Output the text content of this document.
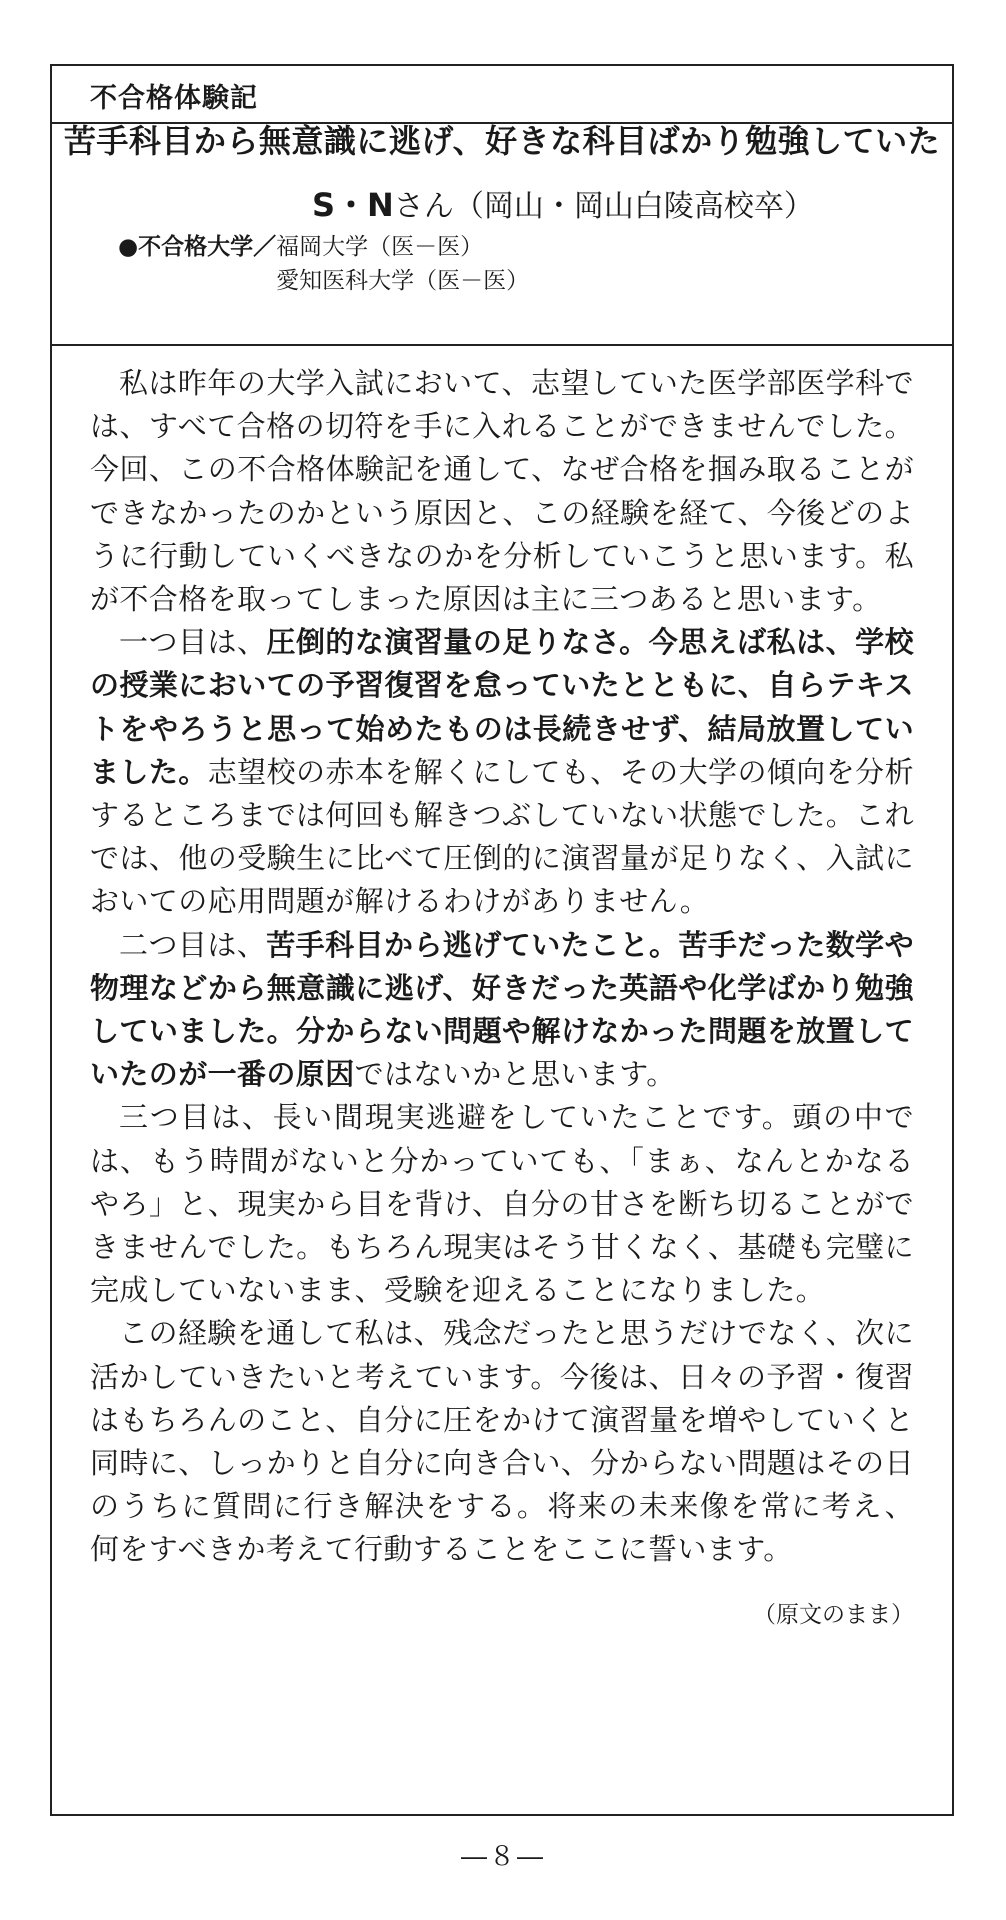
不合格体験記
苦手科目から無意識に逃げ、好きな科目ばかり勉強していた
S・Nさん（岡山・岡山白陵高校卒）
●不合格大学／ 福岡大学（医－医）
愛知医科大学（医－医）

私は昨年の大学入試において、志望していた医学部医学科では、すべて合格の切符を手に入れることができませんでした。今回、この不合格体験記を通して、なぜ合格を掴み取ることができなかったのかという原因と、この経験を経て、今後どのように行動していくべきなのかを分析していこうと思います。私が不合格を取ってしまった原因は主に三つあると思います。

一つ目は、圧倒的な演習量の足りなさ。今思えば私は、学校の授業においての予習復習を怠っていたとともに、自らテキストをやろうと思って始めたものは長続きせず、結局放置していました。志望校の赤本を解くにしても、その大学の傾向を分析するところまでは何回も解きつぶしていない状態でした。これでは、他の受験生に比べて圧倒的に演習量が足りなく、入試においての応用問題が解けるわけがありません。

二つ目は、苦手科目から逃げていたこと。苦手だった数学や物理などから無意識に逃げ、好きだった英語や化学ばかり勉強していました。分からない問題や解けなかった問題を放置していたのが一番の原因ではないかと思います。

三つ目は、長い間現実逃避をしていたことです。頭の中では、もう時間がないと分かっていても、「まぁ、なんとかなるやろ」と、現実から目を背け、自分の甘さを断ち切ることができませんでした。もちろん現実はそう甘くなく、基礎も完璧に完成していないまま、受験を迎えることになりました。

この経験を通して私は、残念だったと思うだけでなく、次に活かしていきたいと考えています。今後は、日々の予習・復習はもちろんのこと、自分に圧をかけて演習量を増やしていくと同時に、しっかりと自分に向き合い、分からない問題はその日のうちに質問に行き解決をする。将来の未来像を常に考え、何をすべきか考えて行動することをここに誓います。

（原文のまま）
―８―
